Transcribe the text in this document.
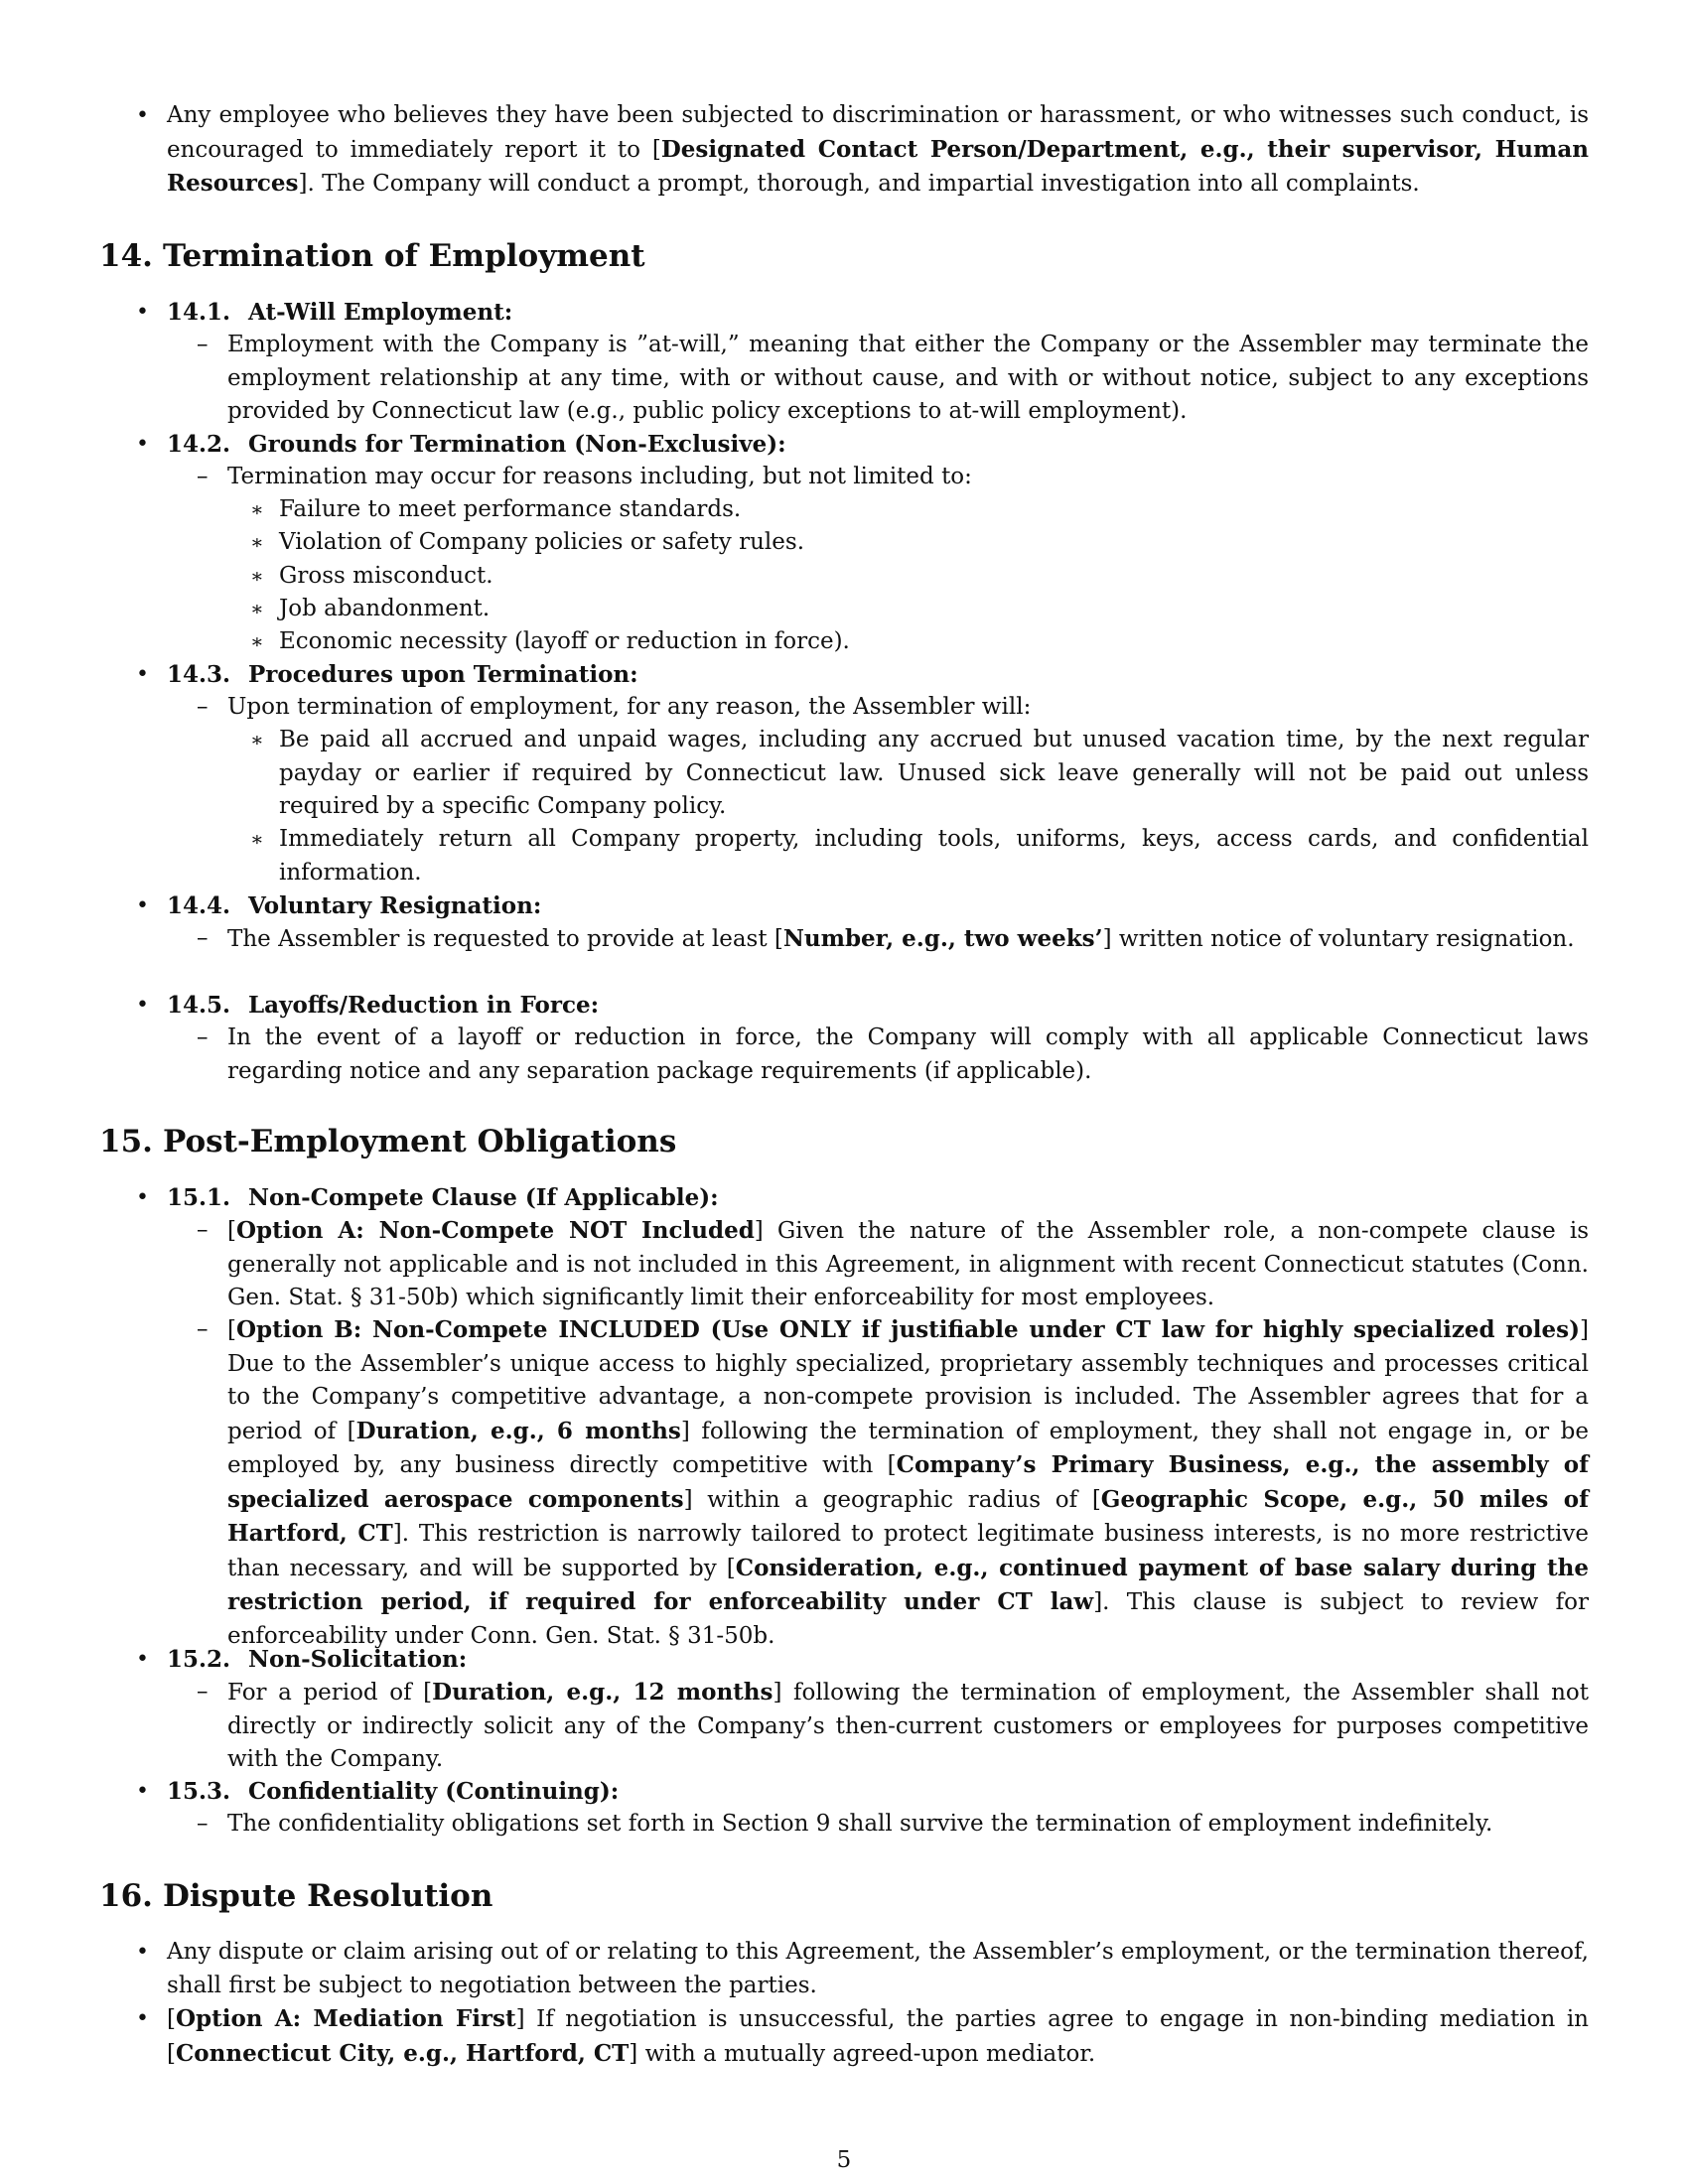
• Any employee who believes they have been subjected to discrimination or harassment, or who witnesses such conduct, is encouraged to immediately report it to [Designated Contact Person/Department, e.g., their supervisor, Human Resources]. The Company will conduct a prompt, thorough, and impartial investigation into all complaints.
14. Termination of Employment
• 14.1. At-Will Employment:
– Employment with the Company is ”at-will,” meaning that either the Company or the Assembler may terminate the employment relationship at any time, with or without cause, and with or without notice, subject to any exceptions provided by Connecticut law (e.g., public policy exceptions to at-will employment).
• 14.2. Grounds for Termination (Non-Exclusive):
– Termination may occur for reasons including, but not limited to:
∗ Failure to meet performance standards.
∗ Violation of Company policies or safety rules.
∗ Gross misconduct.
∗ Job abandonment.
∗ Economic necessity (layoff or reduction in force).
• 14.3. Procedures upon Termination:
– Upon termination of employment, for any reason, the Assembler will:
∗ Be paid all accrued and unpaid wages, including any accrued but unused vacation time, by the next regular payday or earlier if required by Connecticut law. Unused sick leave generally will not be paid out unless required by a specific Company policy.
∗ Immediately return all Company property, including tools, uniforms, keys, access cards, and confidential information.
• 14.4. Voluntary Resignation:
– The Assembler is requested to provide at least [Number, e.g., two weeks’] written notice of voluntary resignation.
• 14.5. Layoffs/Reduction in Force:
– In the event of a layoff or reduction in force, the Company will comply with all applicable Connecticut laws regarding notice and any separation package requirements (if applicable).
15. Post-Employment Obligations
• 15.1. Non-Compete Clause (If Applicable):
– [Option A: Non-Compete NOT Included] Given the nature of the Assembler role, a non-compete clause is generally not applicable and is not included in this Agreement, in alignment with recent Connecticut statutes (Conn. Gen. Stat. § 31-50b) which significantly limit their enforceability for most employees.
– [Option B: Non-Compete INCLUDED (Use ONLY if justifiable under CT law for highly specialized roles)] Due to the Assembler’s unique access to highly specialized, proprietary assembly techniques and processes critical to the Company’s competitive advantage, a non-compete provision is included. The Assembler agrees that for a period of [Duration, e.g., 6 months] following the termination of employment, they shall not engage in, or be employed by, any business directly competitive with [Company’s Primary Business, e.g., the assembly of specialized aerospace components] within a geographic radius of [Geographic Scope, e.g., 50 miles of Hartford, CT]. This restriction is narrowly tailored to protect legitimate business interests, is no more restrictive than necessary, and will be supported by [Consideration, e.g., continued payment of base salary during the restriction period, if required for enforceability under CT law]. This clause is subject to review for enforceability under Conn. Gen. Stat. § 31-50b.
• 15.2. Non-Solicitation:
– For a period of [Duration, e.g., 12 months] following the termination of employment, the Assembler shall not directly or indirectly solicit any of the Company’s then-current customers or employees for purposes competitive with the Company.
• 15.3. Confidentiality (Continuing):
– The confidentiality obligations set forth in Section 9 shall survive the termination of employment indefinitely.
16. Dispute Resolution
• Any dispute or claim arising out of or relating to this Agreement, the Assembler’s employment, or the termination thereof, shall first be subject to negotiation between the parties.
• [Option A: Mediation First] If negotiation is unsuccessful, the parties agree to engage in non-binding mediation in [Connecticut City, e.g., Hartford, CT] with a mutually agreed-upon mediator.
5
